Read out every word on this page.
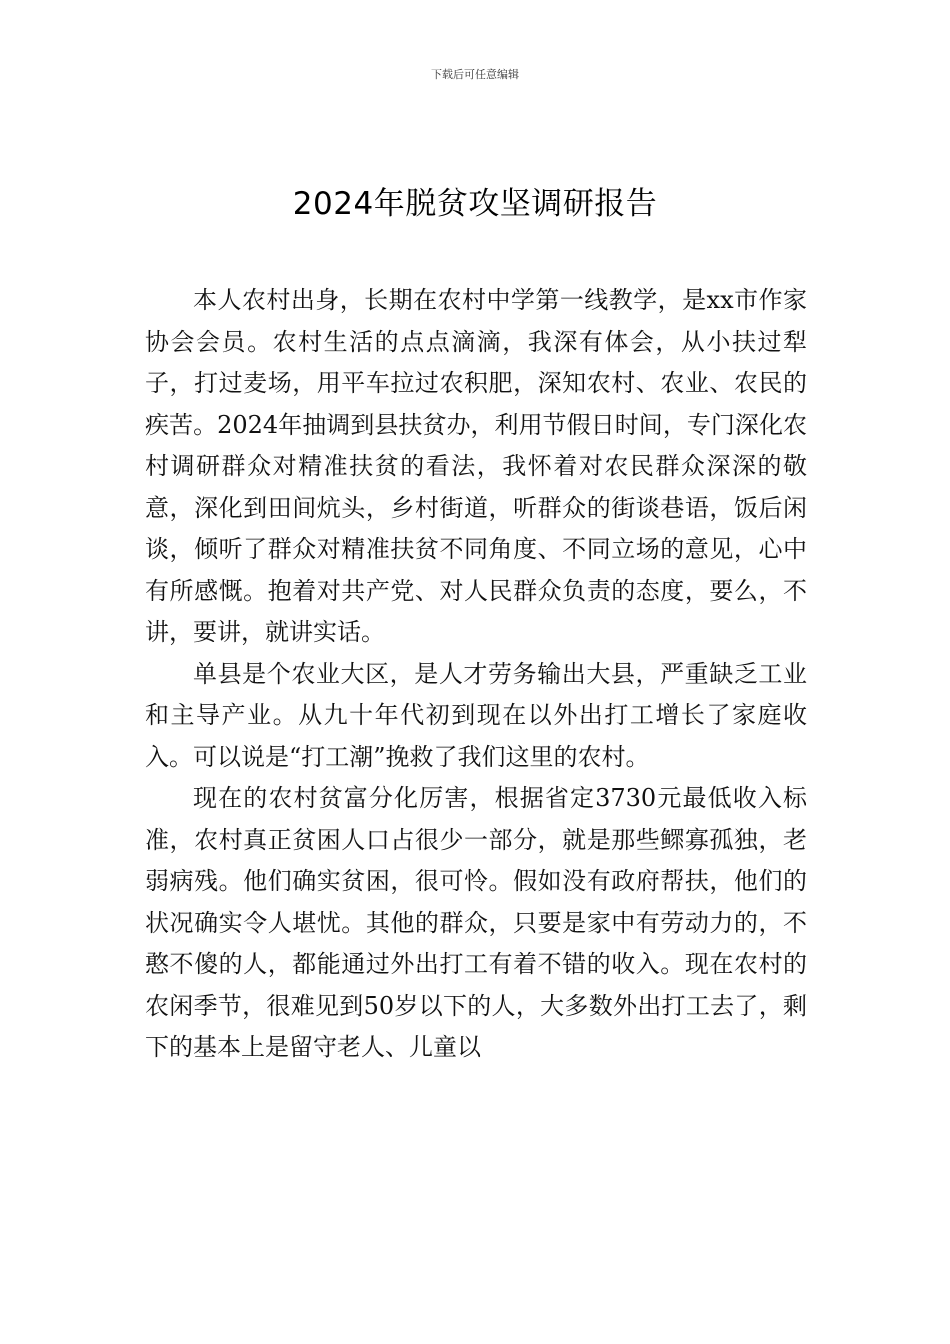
下载后可任意编辑
2024年脱贫攻坚调研报告

本人农村出身，长期在农村中学第一线教学，是xx市作家协会会员。农村生活的点点滴滴，我深有体会，从小扶过犁子，打过麦场，用平车拉过农积肥，深知农村、农业、农民的疾苦。2024年抽调到县扶贫办，利用节假日时间，专门深化农村调研群众对精准扶贫的看法，我怀着对农民群众深深的敬意，深化到田间炕头，乡村街道，听群众的街谈巷语，饭后闲谈，倾听了群众对精准扶贫不同角度、不同立场的意见，心中有所感慨。抱着对共产党、对人民群众负责的态度，要么，不讲，要讲，就讲实话。

单县是个农业大区，是人才劳务输出大县，严重缺乏工业和主导产业。从九十年代初到现在以外出打工增长了家庭收入。可以说是“打工潮”挽救了我们这里的农村。

现在的农村贫富分化厉害，根据省定3730元最低收入标准，农村真正贫困人口占很少一部分，就是那些鳏寡孤独，老弱病残。他们确实贫困，很可怜。假如没有政府帮扶，他们的状况确实令人堪忧。其他的群众，只要是家中有劳动力的，不憨不傻的人，都能通过外出打工有着不错的收入。现在农村的农闲季节，很难见到50岁以下的人，大多数外出打工去了，剩下的基本上是留守老人、儿童以
